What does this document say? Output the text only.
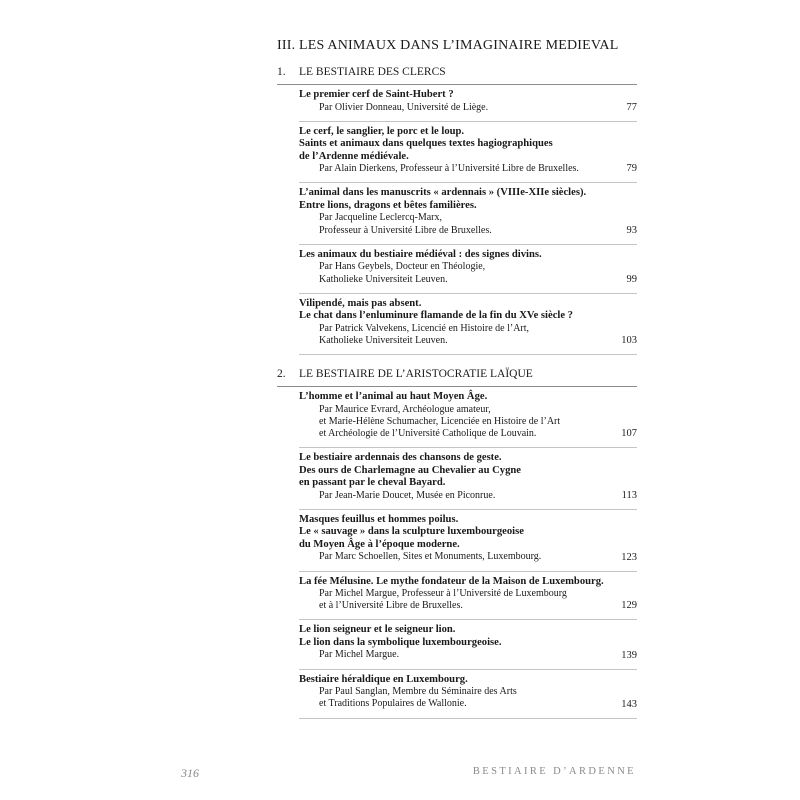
III. LES ANIMAUX DANS L’IMAGINAIRE MEDIEVAL
1. LE BESTIAIRE DES CLERCS
Le premier cerf de Saint-Hubert ?
Par Olivier Donneau, Université de Liège.	77
Le cerf, le sanglier, le porc et le loup.
Saints et animaux dans quelques textes hagiographiques
de l’Ardenne médiévale.
Par Alain Dierkens, Professeur à l’Université Libre de Bruxelles.	79
L’animal dans les manuscrits « ardennais » (VIIIe-XIIe siècles).
Entre lions, dragons et bêtes familières.
Par Jacqueline Leclercq-Marx,
Professeur à Université Libre de Bruxelles.	93
Les animaux du bestiaire médiéval : des signes divins.
Par Hans Geybels, Docteur en Théologie,
Katholieke Universiteit Leuven.	99
Vilipendé, mais pas absent.
Le chat dans l’enluminure flamande de la fin du XVe siècle ?
Par Patrick Valvekens, Licencié en Histoire de l’Art,
Katholieke Universiteit Leuven.	103
2. LE BESTIAIRE DE L’ARISTOCRATIE LAÏQUE
L’homme et l’animal au haut Moyen Âge.
Par Maurice Evrard, Archéologue amateur,
et Marie-Hélène Schumacher, Licenciée en Histoire de l’Art
et Archéologie de l’Université Catholique de Louvain.	107
Le bestiaire ardennais des chansons de geste.
Des ours de Charlemagne au Chevalier au Cygne
en passant par le cheval Bayard.
Par Jean-Marie Doucet, Musée en Piconrue.	113
Masques feuillus et hommes poilus.
Le « sauvage » dans la sculpture luxembourgeoise
du Moyen Âge à l’époque moderne.
Par Marc Schoellen, Sites et Monuments, Luxembourg.	123
La fée Mélusine. Le mythe fondateur de la Maison de Luxembourg.
Par Michel Margue, Professeur à l’Université de Luxembourg
et à l’Université Libre de Bruxelles.	129
Le lion seigneur et le seigneur lion.
Le lion dans la symbolique luxembourgeoise.
Par Michel Margue.	139
Bestiaire héraldique en Luxembourg.
Par Paul Sanglan, Membre du Séminaire des Arts
et Traditions Populaires de Wallonie.	143
316	BESTIAIRE D’ARDENNE
